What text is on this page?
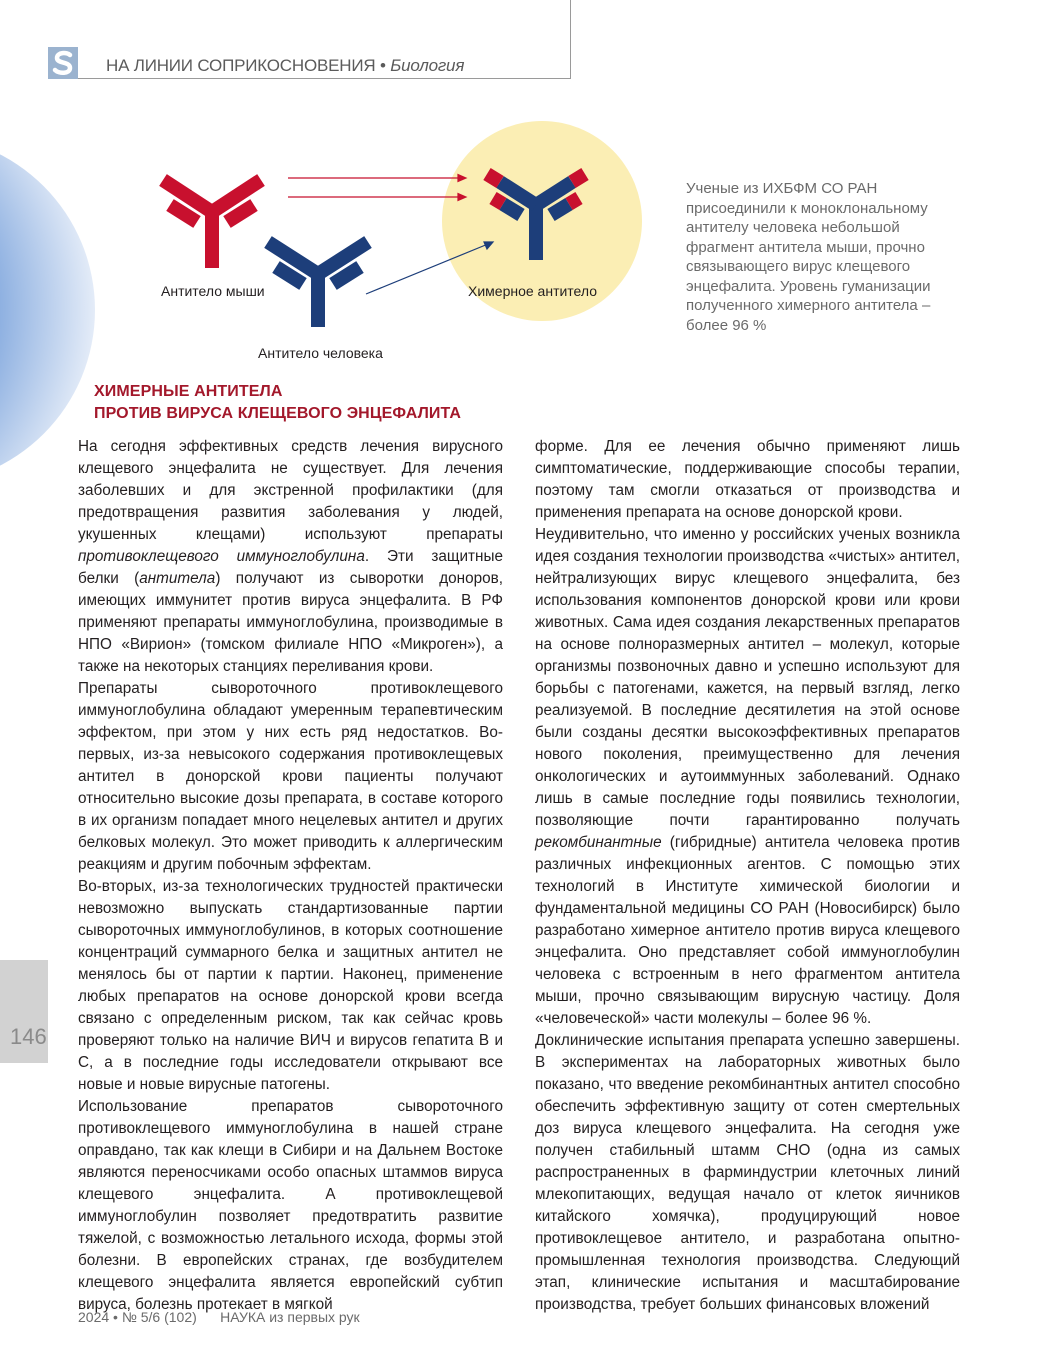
НА ЛИНИИ СОПРИКОСНОВЕНИЯ • Биология
Антитело мыши
Антитело человека
Химерное антитело
Ученые из ИХБФМ СО РАН присоединили к моноклональному антителу человека небольшой фрагмент антитела мыши, прочно связывающего вирус клещевого энцефалита. Уровень гуманизации полученного химерного антитела – более 96 %
ХИМЕРНЫЕ АНТИТЕЛА
ПРОТИВ ВИРУСА КЛЕЩЕВОГО ЭНЦЕФАЛИТА

На сегодня эффективных средств лечения вирусного клещевого энцефалита не существует. Для лечения заболевших и для экстренной профилактики (для предотвращения развития заболевания у людей, укушенных клещами) используют препараты противоклещевого иммуноглобулина. Эти защитные белки (антитела) получают из сыворотки доноров, имеющих иммунитет против вируса энцефалита. В РФ применяют препараты иммуноглобулина, производимые в НПО «Вирион» (томском филиале НПО «Микроген»), а также на некоторых станциях переливания крови.

Препараты сывороточного противоклещевого иммуноглобулина обладают умеренным терапевтическим эффектом, при этом у них есть ряд недостатков. Во-первых, из-за невысокого содержания противоклещевых антител в донорской крови пациенты получают относительно высокие дозы препарата, в составе которого в их организм попадает много нецелевых антител и других белковых молекул. Это может приводить к аллергическим реакциям и другим побочным эффектам.

Во-вторых, из-за технологических трудностей практически невозможно выпускать стандартизованные партии сывороточных иммуноглобулинов, в которых соотношение концентраций суммарного белка и защитных антител не менялось бы от партии к партии. Наконец, применение любых препаратов на основе донорской крови всегда связано с определенным риском, так как сейчас кровь проверяют только на наличие ВИЧ и вирусов гепатита B и C, а в последние годы исследователи открывают все новые и новые вирусные патогены.

Использование препаратов сывороточного противоклещевого иммуноглобулина в нашей стране оправдано, так как клещи в Сибири и на Дальнем Востоке являются переносчиками особо опасных штаммов вируса клещевого энцефалита. А противоклещевой иммуноглобулин позволяет предотвратить развитие тяжелой, с возможностью летального исхода, формы этой болезни. В европейских странах, где возбудителем клещевого энцефалита является европейский субтип вируса, болезнь протекает в мягкой

форме. Для ее лечения обычно применяют лишь симптоматические, поддерживающие способы терапии, поэтому там смогли отказаться от производства и применения препарата на основе донорской крови.

Неудивительно, что именно у российских ученых возникла идея создания технологии производства «чистых» антител, нейтрализующих вирус клещевого энцефалита, без использования компонентов донорской крови или крови животных. Сама идея создания лекарственных препаратов на основе полноразмерных антител – молекул, которые организмы позвоночных давно и успешно используют для борьбы с патогенами, кажется, на первый взгляд, легко реализуемой. В последние десятилетия на этой основе были созданы десятки высокоэффективных препаратов нового поколения, преимущественно для лечения онкологических и аутоиммунных заболеваний. Однако лишь в самые последние годы появились технологии, позволяющие почти гарантированно получать рекомбинантные (гибридные) антитела человека против различных инфекционных агентов. С помощью этих технологий в Институте химической биологии и фундаментальной медицины СО РАН (Новосибирск) было разработано химерное антитело против вируса клещевого энцефалита. Оно представляет собой иммуноглобулин человека с встроенным в него фрагментом антитела мыши, прочно связывающим вирусную частицу. Доля «человеческой» части молекулы – более 96 %.

Доклинические испытания препарата успешно завершены. В экспериментах на лабораторных животных было показано, что введение рекомбинантных антител способно обеспечить эффективную защиту от сотен смертельных доз вируса клещевого энцефалита. На сегодня уже получен стабильный штамм СНО (одна из самых распространенных в фарминдустрии клеточных линий млекопитающих, ведущая начало от клеток яичников китайского хомячка), продуцирующий новое противоклещевое антитело, и разработана опытно-промышленная технология производства. Следующий этап, клинические испытания и масштабирование производства, требует больших финансовых вложений

146
2024 • № 5/6 (102) НАУКА из первых рук
